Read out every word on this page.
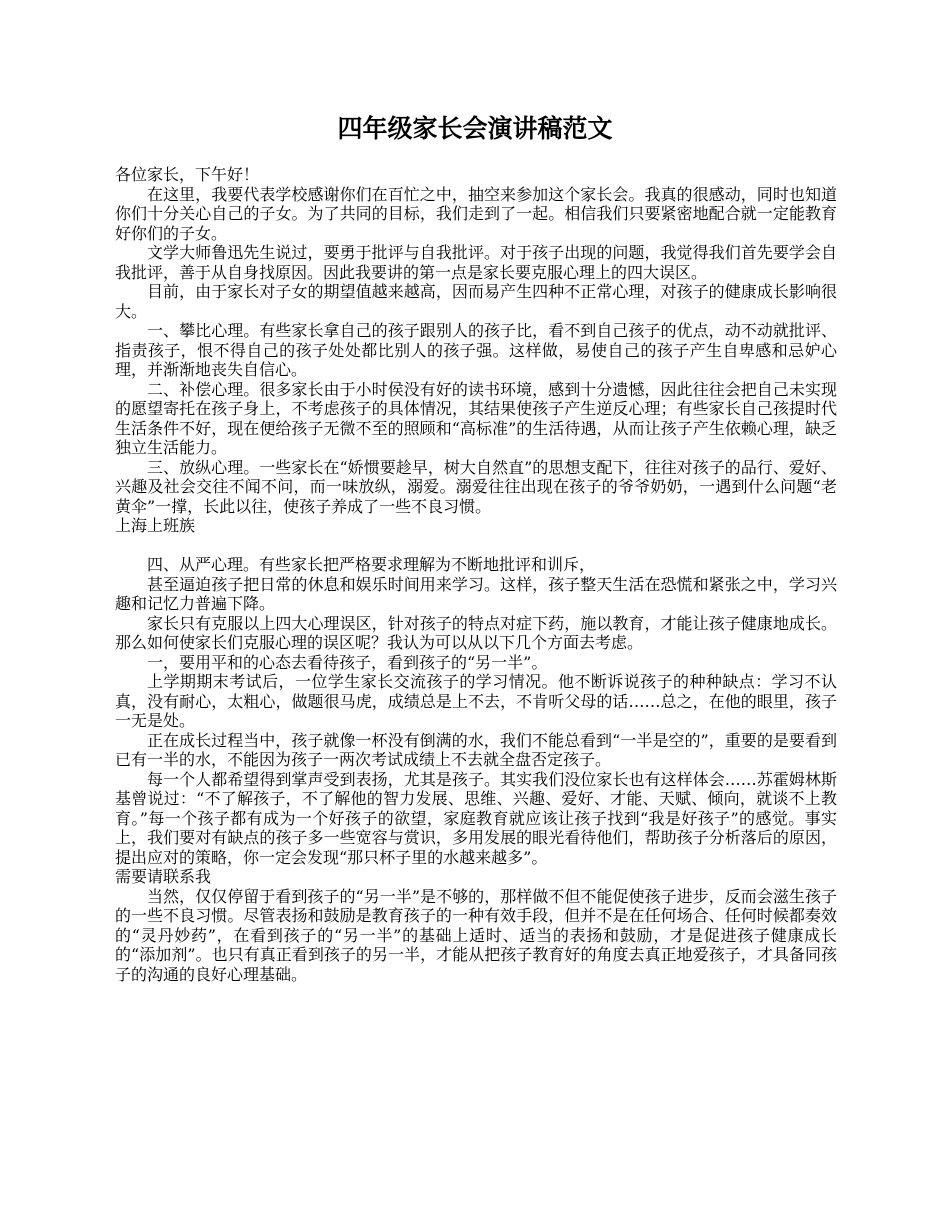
四年级家长会演讲稿范文

各位家长，下午好！

在这里，我要代表学校感谢你们在百忙之中，抽空来参加这个家长会。我真的很感动，同时也知道你们十分关心自己的子女。为了共同的目标，我们走到了一起。相信我们只要紧密地配合就一定能教育好你们的子女。

文学大师鲁迅先生说过，要勇于批评与自我批评。对于孩子出现的问题，我觉得我们首先要学会自我批评，善于从自身找原因。因此我要讲的第一点是家长要克服心理上的四大误区。

目前，由于家长对子女的期望值越来越高，因而易产生四种不正常心理，对孩子的健康成长影响很大。

一、攀比心理。有些家长拿自己的孩子跟别人的孩子比，看不到自己孩子的优点，动不动就批评、指责孩子，恨不得自己的孩子处处都比别人的孩子强。这样做，易使自己的孩子产生自卑感和忌妒心理，并渐渐地丧失自信心。

二、补偿心理。很多家长由于小时侯没有好的读书环境，感到十分遗憾，因此往往会把自己未实现的愿望寄托在孩子身上，不考虑孩子的具体情况，其结果使孩子产生逆反心理；有些家长自己孩提时代生活条件不好，现在便给孩子无微不至的照顾和“高标准”的生活待遇，从而让孩子产生依赖心理，缺乏独立生活能力。

三、放纵心理。一些家长在“娇惯要趁早，树大自然直”的思想支配下，往往对孩子的品行、爱好、兴趣及社会交往不闻不问，而一味放纵，溺爱。溺爱往往出现在孩子的爷爷奶奶，一遇到什么问题“老黄伞”一撑，长此以往，使孩子养成了一些不良习惯。

上海上班族

四、从严心理。有些家长把严格要求理解为不断地批评和训斥，

甚至逼迫孩子把日常的休息和娱乐时间用来学习。这样，孩子整天生活在恐慌和紧张之中，学习兴趣和记忆力普遍下降。

家长只有克服以上四大心理误区，针对孩子的特点对症下药，施以教育，才能让孩子健康地成长。那么如何使家长们克服心理的误区呢？我认为可以从以下几个方面去考虑。

一，要用平和的心态去看待孩子，看到孩子的“另一半”。

上学期期末考试后，一位学生家长交流孩子的学习情况。他不断诉说孩子的种种缺点：学习不认真，没有耐心，太粗心，做题很马虎，成绩总是上不去，不肯听父母的话……总之，在他的眼里，孩子一无是处。

正在成长过程当中，孩子就像一杯没有倒满的水，我们不能总看到“一半是空的”，重要的是要看到已有一半的水，不能因为孩子一两次考试成绩上不去就全盘否定孩子。

每一个人都希望得到掌声受到表扬，尤其是孩子。其实我们没位家长也有这样体会……苏霍姆林斯基曾说过：“不了解孩子，不了解他的智力发展、思维、兴趣、爱好、才能、天赋、倾向，就谈不上教育。”每一个孩子都有成为一个好孩子的欲望，家庭教育就应该让孩子找到“我是好孩子”的感觉。事实上，我们要对有缺点的孩子多一些宽容与赏识，多用发展的眼光看待他们，帮助孩子分析落后的原因，提出应对的策略，你一定会发现“那只杯子里的水越来越多”。

需要请联系我

当然，仅仅停留于看到孩子的“另一半”是不够的，那样做不但不能促使孩子进步，反而会滋生孩子的一些不良习惯。尽管表扬和鼓励是教育孩子的一种有效手段，但并不是在任何场合、任何时候都奏效的“灵丹妙药”，在看到孩子的“另一半”的基础上适时、适当的表扬和鼓励，才是促进孩子健康成长的“添加剂”。也只有真正看到孩子的另一半，才能从把孩子教育好的角度去真正地爱孩子，才具备同孩子的沟通的良好心理基础。
